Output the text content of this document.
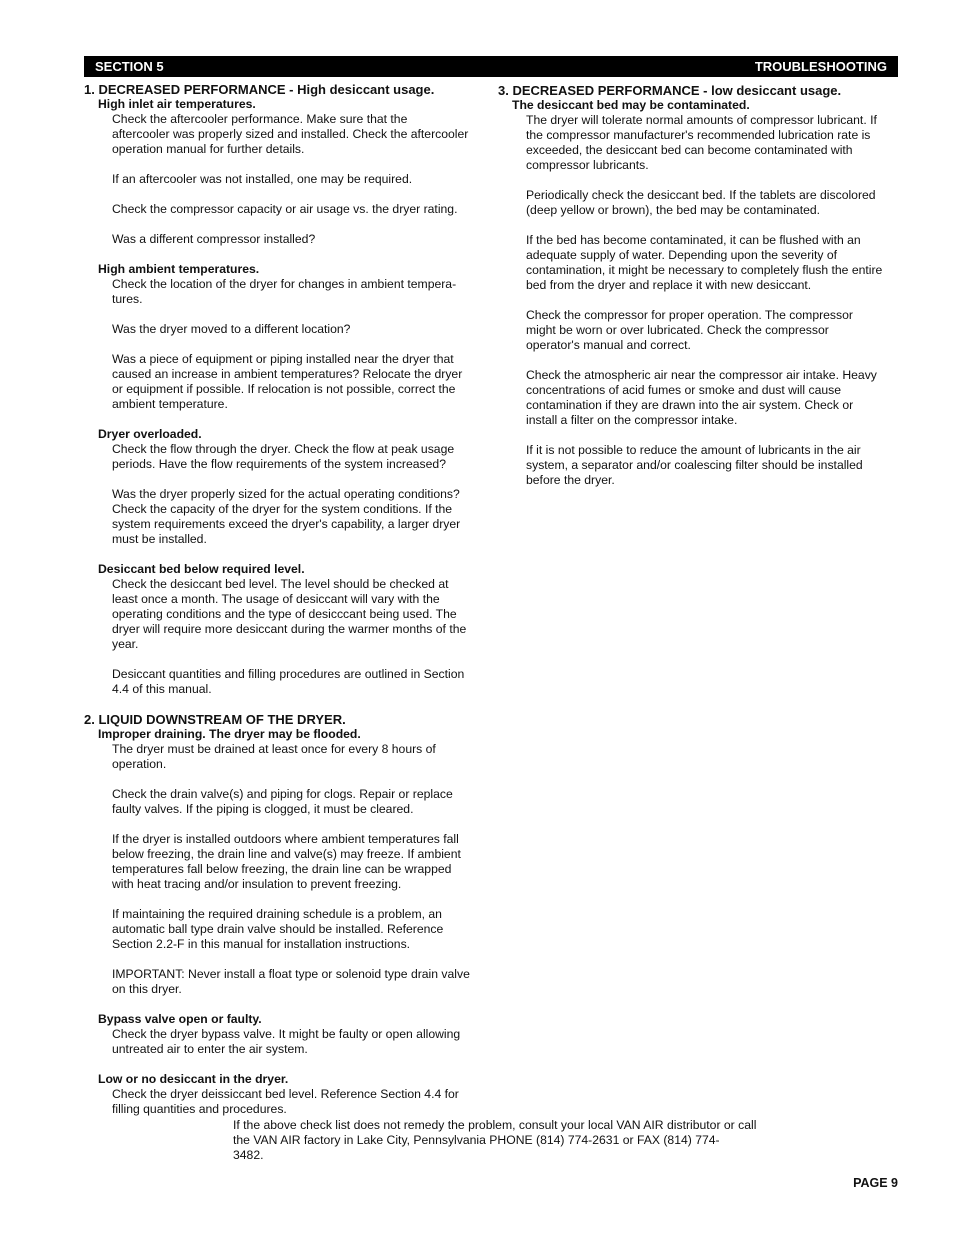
SECTION 5	TROUBLESHOOTING
1. DECREASED PERFORMANCE - High desiccant usage.
High inlet air temperatures.
Check the aftercooler performance. Make sure that the
aftercooler was properly sized and installed. Check the aftercooler
operation manual for further details.
If an aftercooler was not installed, one may be required.
Check the compressor capacity or air usage vs. the dryer rating.
Was a different compressor installed?
High ambient temperatures.
Check the location of the dryer for changes in ambient tempera-
tures.
Was the dryer moved to a different location?
Was a piece of equipment or piping installed near the dryer that
caused an increase in ambient temperatures? Relocate the dryer
or equipment if possible. If relocation is not possible, correct the
ambient temperature.
Dryer overloaded.
Check the flow through the dryer. Check the flow at peak usage
periods. Have the flow requirements of the system increased?
Was the dryer properly sized for the actual operating conditions?
Check the capacity of the dryer for the system conditions. If the
system requirements exceed the dryer's capability, a larger dryer
must be installed.
Desiccant bed below required level.
Check the desiccant bed level. The level should be checked at
least once a month. The usage of desiccant will vary with the
operating conditions and the type of desicccant being used. The
dryer will require more desiccant during the warmer months of the
year.
Desiccant quantities and filling procedures are outlined in Section
4.4 of this manual.
2. LIQUID DOWNSTREAM OF THE DRYER.
Improper draining. The dryer may be flooded.
The dryer must be drained at least once for every 8 hours of
operation.
Check the drain valve(s) and piping for clogs. Repair or replace
faulty valves. If the piping is clogged, it must be cleared.
If the dryer is installed outdoors where ambient temperatures fall
below freezing, the drain line and valve(s) may freeze. If ambient
temperatures fall below freezing, the drain line can be wrapped
with heat tracing and/or insulation to prevent freezing.
If maintaining the required draining schedule is a problem, an
automatic ball type drain valve should be installed. Reference
Section 2.2-F in this manual for installation instructions.
IMPORTANT: Never install a float type or solenoid type drain valve
on this dryer.
Bypass valve open or faulty.
Check the dryer bypass valve. It might be faulty or open allowing
untreated air to enter the air system.
Low or no desiccant in the dryer.
Check the dryer deissiccant bed level. Reference Section 4.4 for
filling quantities and procedures.
3. DECREASED PERFORMANCE - low desiccant usage.
The desiccant bed may be contaminated.
The dryer will tolerate normal amounts of compressor lubricant. If
the compressor manufacturer's recommended lubrication rate is
exceeded, the desiccant bed can become contaminated with
compressor lubricants.
Periodically check the desiccant bed. If the tablets are discolored
(deep yellow or brown), the bed may be contaminated.
If the bed has become contaminated, it can be flushed with an
adequate supply of water. Depending upon the severity of
contamination, it might be necessary to completely flush the entire
bed from the dryer and replace it with new desiccant.
Check the compressor for proper operation. The compressor
might be worn or over lubricated. Check the compressor
operator's manual and correct.
Check the atmospheric air near the compressor air intake. Heavy
concentrations of acid fumes or smoke and dust will cause
contamination if they are drawn into the air system. Check or
install a filter on the compressor intake.
If it is not possible to reduce the amount of lubricants in the air
system, a separator and/or coalescing filter should be installed
before the dryer.
If the above check list does not remedy the problem, consult your local VAN AIR distributor or call
the VAN AIR factory in Lake City, Pennsylvania PHONE (814) 774-2631 or FAX (814) 774-
3482.
PAGE 9
